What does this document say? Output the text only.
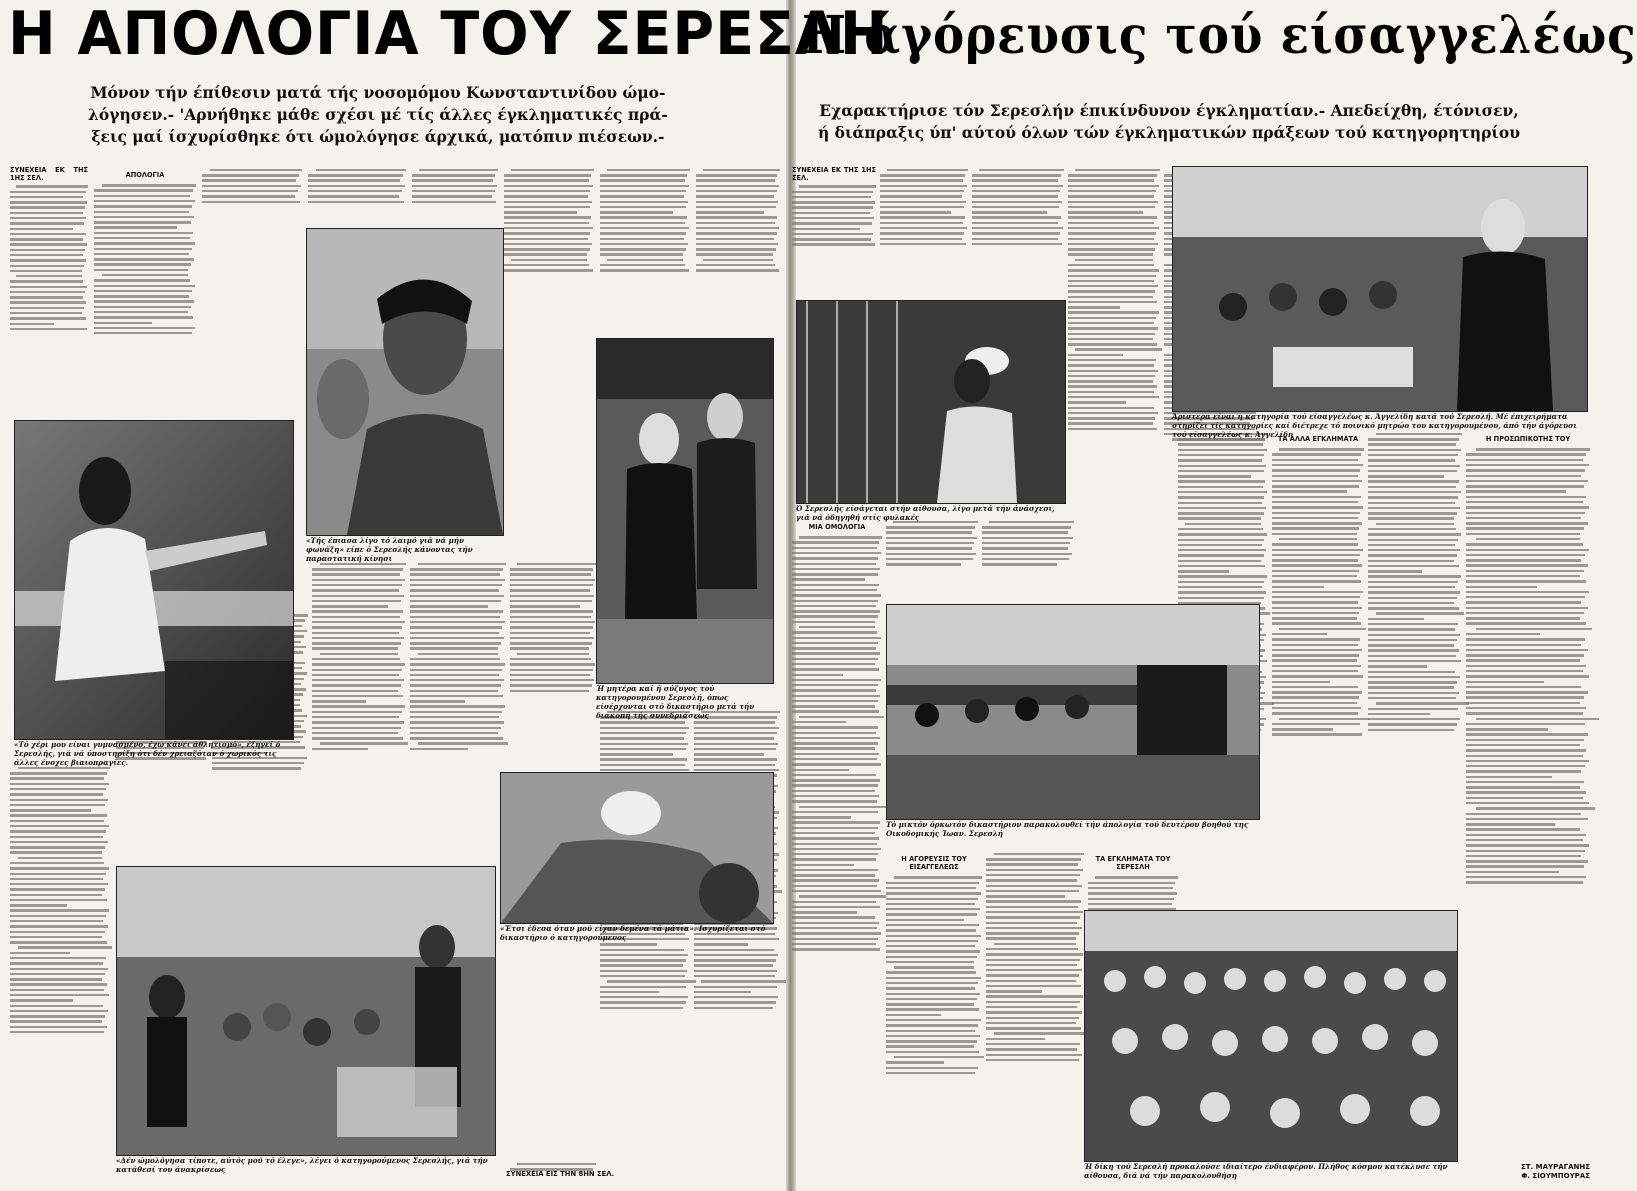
Η ΑΠΟΛΟΓΙΑ ΤΟΥ ΣΕΡΕΣΛΗ
Μόνον τήν έπίθεσιν ματά τής νοσομόμου Κωνσταντινίδου ώμο-
λόγησεν.- 'Αρνήθηκε μάθε σχέσι μέ τίς άλλες έγκληματικές πρά-
ξεις μαί ίσχυρίσθηκε ότι ώμολόγησε άρχικά, ματόπιν πιέσεων.-
ΣΥΝΕΧΕΙΑ ΕΚ ΤΗΣ 1ΗΣ ΣΕΛ.	ΑΠΟΛΟΓΙΑ
«Τό χέρι μου είναι γυμνασμένο, έχω κάνει άθλητισμό», έξηγεί ό Σερεσλής, γιά νά ύποστηρίξη ότι δέν χρειαζόταν ό χωρικός τις άλλες ένοχες βιαιοπραγίες.
«Τής έπιασα λίγο τό λαιμό γιά νά μήν φωνάξη» είπε ό Σερεσλής κάνοντας τήν παραστατική κίνησι
Ή μητέρα καί ή σύζυγος τού κατηγορουμένου Σερεσλή, όπως είσέρχονται στό δικαστήριο μετά τήν διακοπή τής συνεδριάσεως
«Έτσι έδεσα όταν μού είχαν δεμένα τά μάτια». Ισχυρίζεται στό δικαστήριο ό κατηγορούμενος
«Δέν ώμολόγησα τίποτε, αύτός μού τό έλεγε», λέγει ό κατηγορούμενος Σερεσλής, γιά τήν κατάθεσί του άνακρίσεως	ΣΥΝΕΧΕΙΑ ΕΙΣ ΤΗΝ 8ΗΝ ΣΕΛ.
Η άγόρευσις τού είσαγγελέως
Εχαρακτήρισε τόν Σερεσλήν έπικίνδυνον έγκληματίαν.- Απεδείχθη, έτόνισεν,
ή διάπραξις ύπ' αύτού όλων τών έγκληματικών πράξεων τού κατηγορητηρίου
ΣΥΝΕΧΕΙΑ ΕΚ ΤΗΣ 1ΗΣ ΣΕΛ.
ΜΙΑ ΟΜΟΛΟΓΙΑ
Η ΑΓΟΡΕΥΣΙΣ ΤΟΥ ΕΙΣΑΓΓΕΛΕΩΣ
ΤΑ ΕΓΚΛΗΜΑΤΑ ΤΟΥ ΣΕΡΕΣΛΗ
ΤΑ ΑΛΛΑ ΕΓΚΛΗΜΑΤΑ	Η ΠΡΟΣΩΠΙΚΟΤΗΣ ΤΟΥ
Άριστερα είναι η κατηγορία τού είσαγγελέως κ. Άγγελίδη κατά τού Σερεσλή. Μέ έπιχειρήματα στηρίζει τίς κατηγορίες καί διέτρεχε τό ποινικό μητρώο του κατηγορουμένου, άπό τήν άγόρευσι τού είσαγγελέως κ. Άγγελίδη
Ό Σερεσλής είσάγεται στήν αίθουσα, λίγο μετά τήν άνάσχεσι, γιά νά όδηγηθή στίς φυλακές
Τό μικτόν όρκωτόν δικαστήριον παρακολουθεί τήν άπολογία τού δευτέρου βοηθού της Οικοδομικής Ίωαν. Σερεσλή
Ή δίκη τού Σερεσλή προκαλούσε ιδιαίτερο ένδιαφέρον. Πλήθος κόσμου κατέκλυσε τήν αίθουσα, διά νά τήν παρακολουθήση
ΣΤ. ΜΑΥΡΑΓΑΝΗΣ
Φ. ΣΙΟΥΜΠΟΥΡΑΣ
